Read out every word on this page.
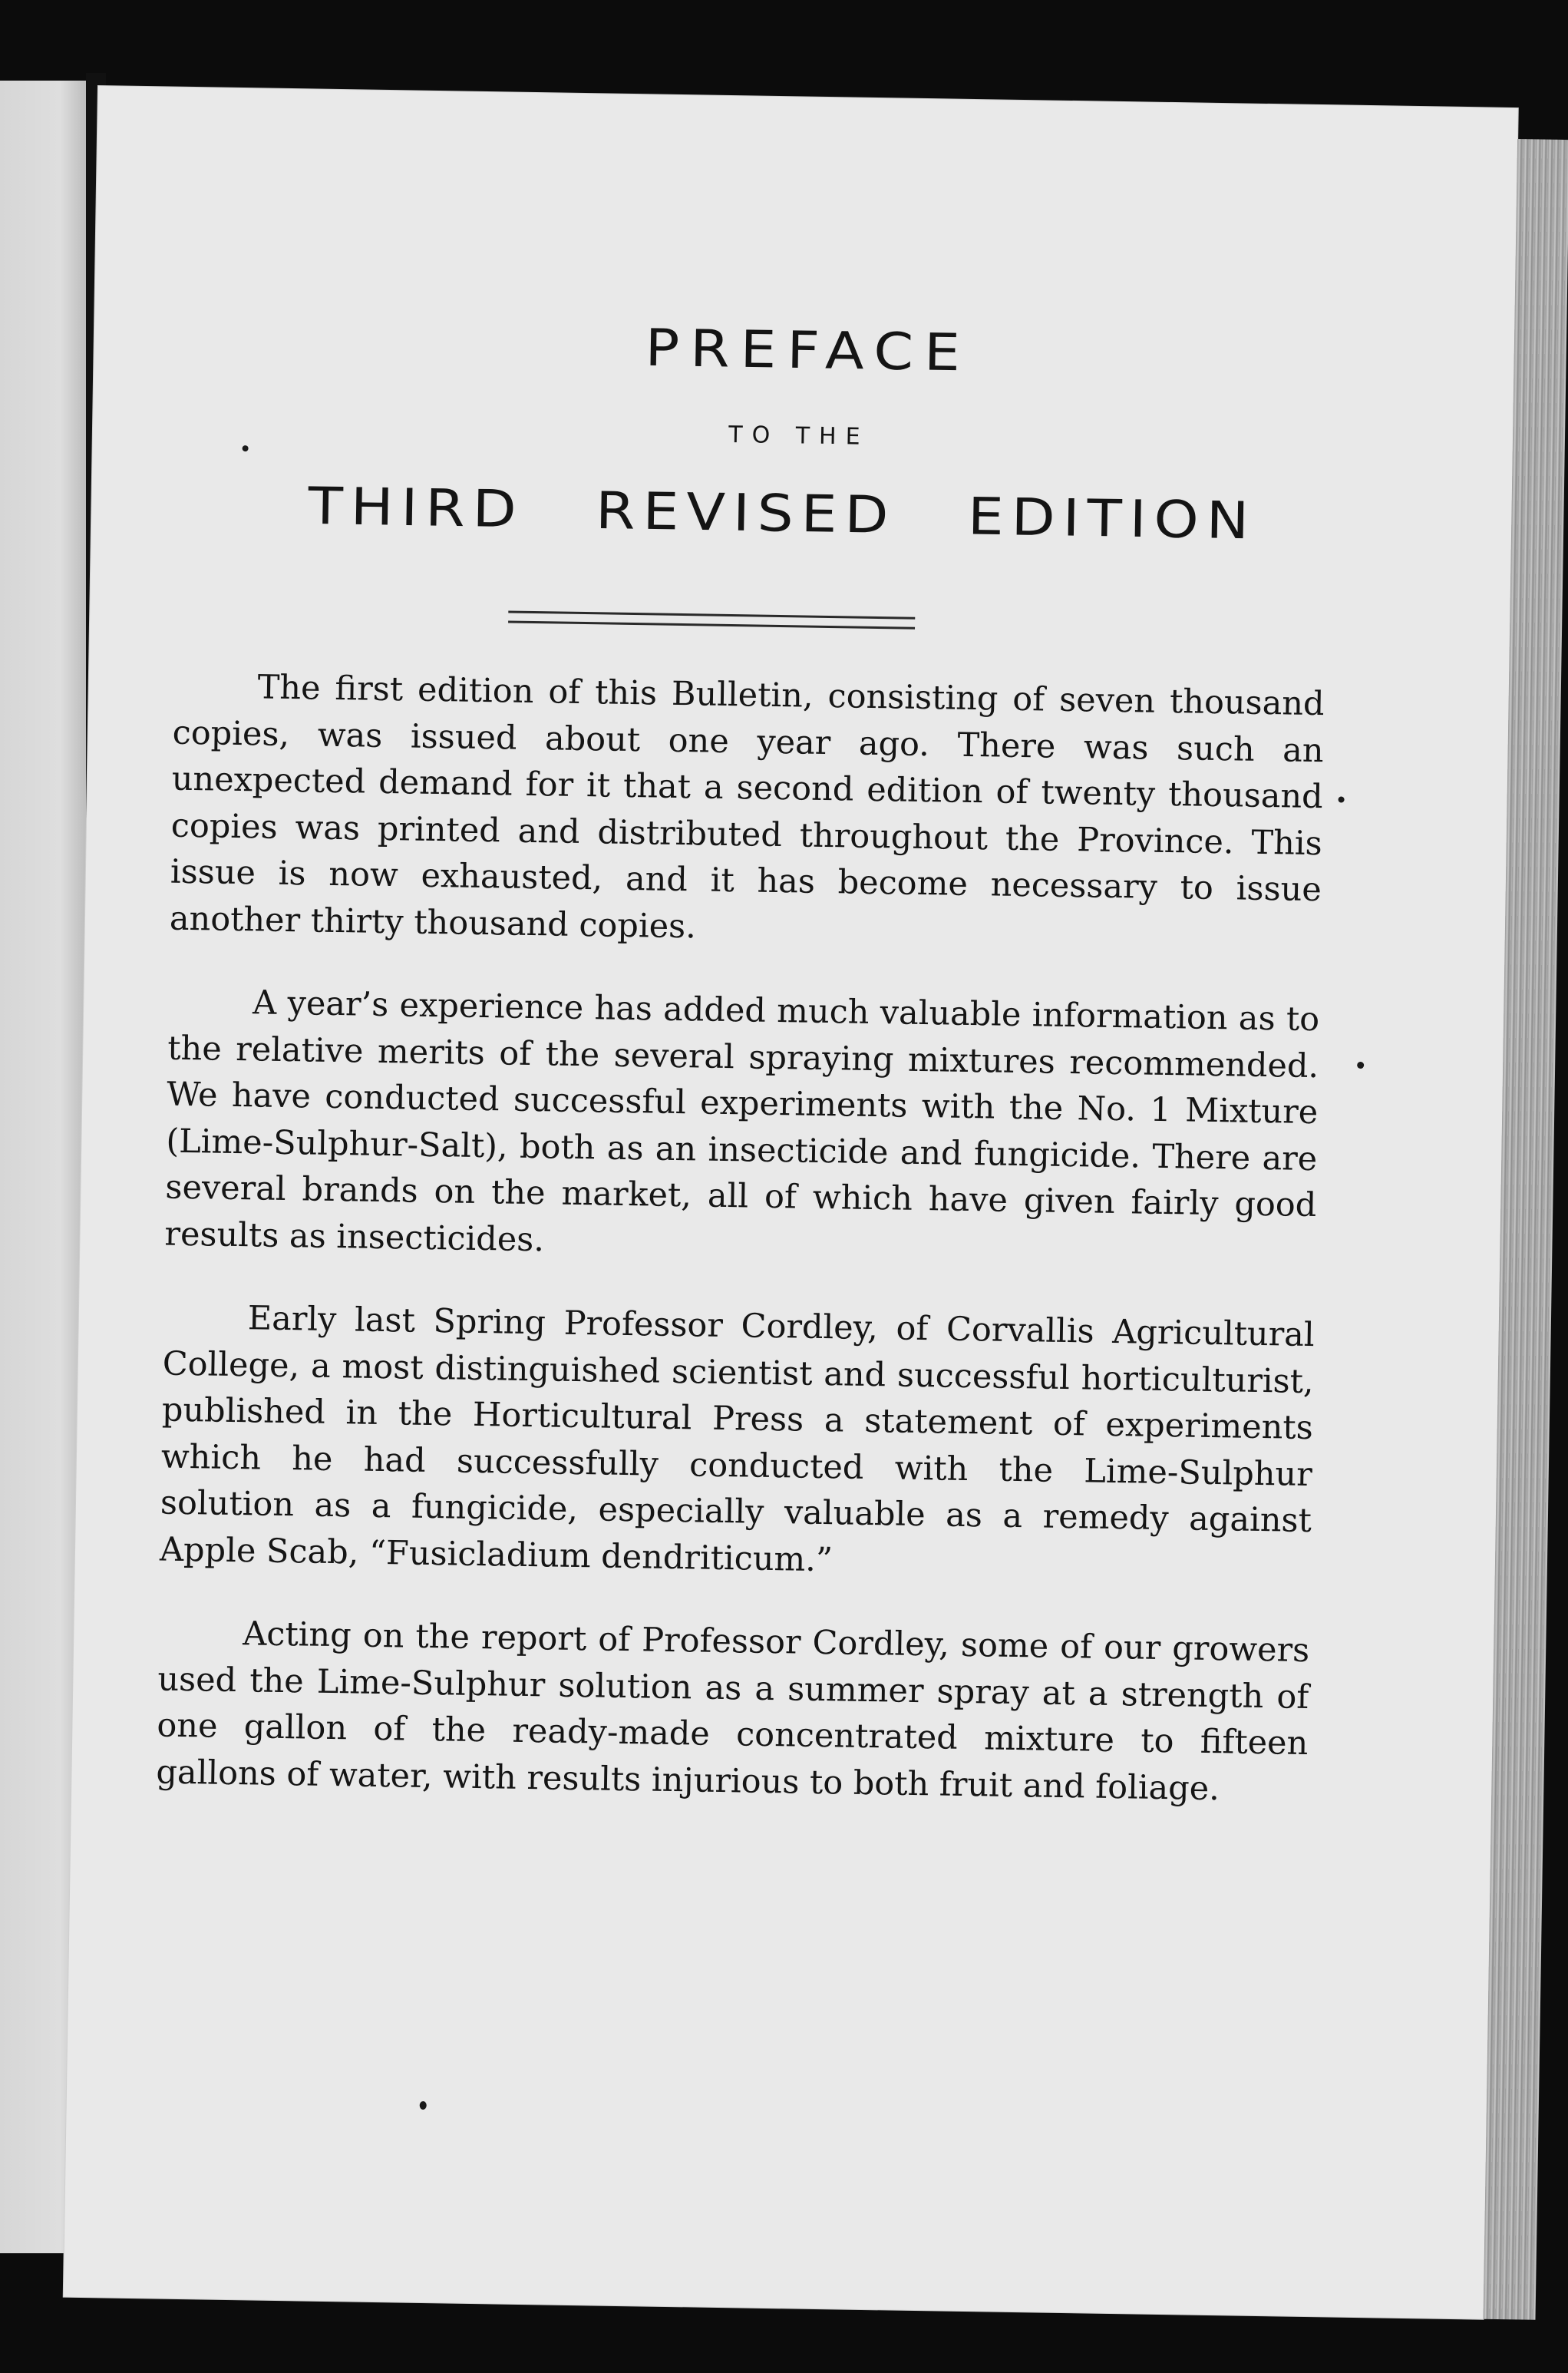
PREFACE
TO THE
THIRD REVISED EDITION

The first edition of this Bulletin, consisting of seven thousand copies, was issued about one year ago. There was such an unexpected demand for it that a second edition of twenty thousand copies was printed and distributed throughout the Province. This issue is now exhausted, and it has become necessary to issue another thirty thousand copies.

A year’s experience has added much valuable information as to the relative merits of the several spraying mixtures recommended. We have conducted successful experiments with the No. 1 Mixture (Lime-Sulphur-Salt), both as an insecticide and fungicide. There are several brands on the market, all of which have given fairly good results as insecticides.

Early last Spring Professor Cordley, of Corvallis Agricultural College, a most distinguished scientist and successful horticulturist, published in the Horticultural Press a statement of experiments which he had successfully conducted with the Lime-Sulphur solution as a fungicide, especially valuable as a remedy against Apple Scab, “Fusicladium dendriticum.”

Acting on the report of Professor Cordley, some of our growers used the Lime-Sulphur solution as a summer spray at a strength of one gallon of the ready-made concentrated mixture to fifteen gallons of water, with results injurious to both fruit and foliage.
